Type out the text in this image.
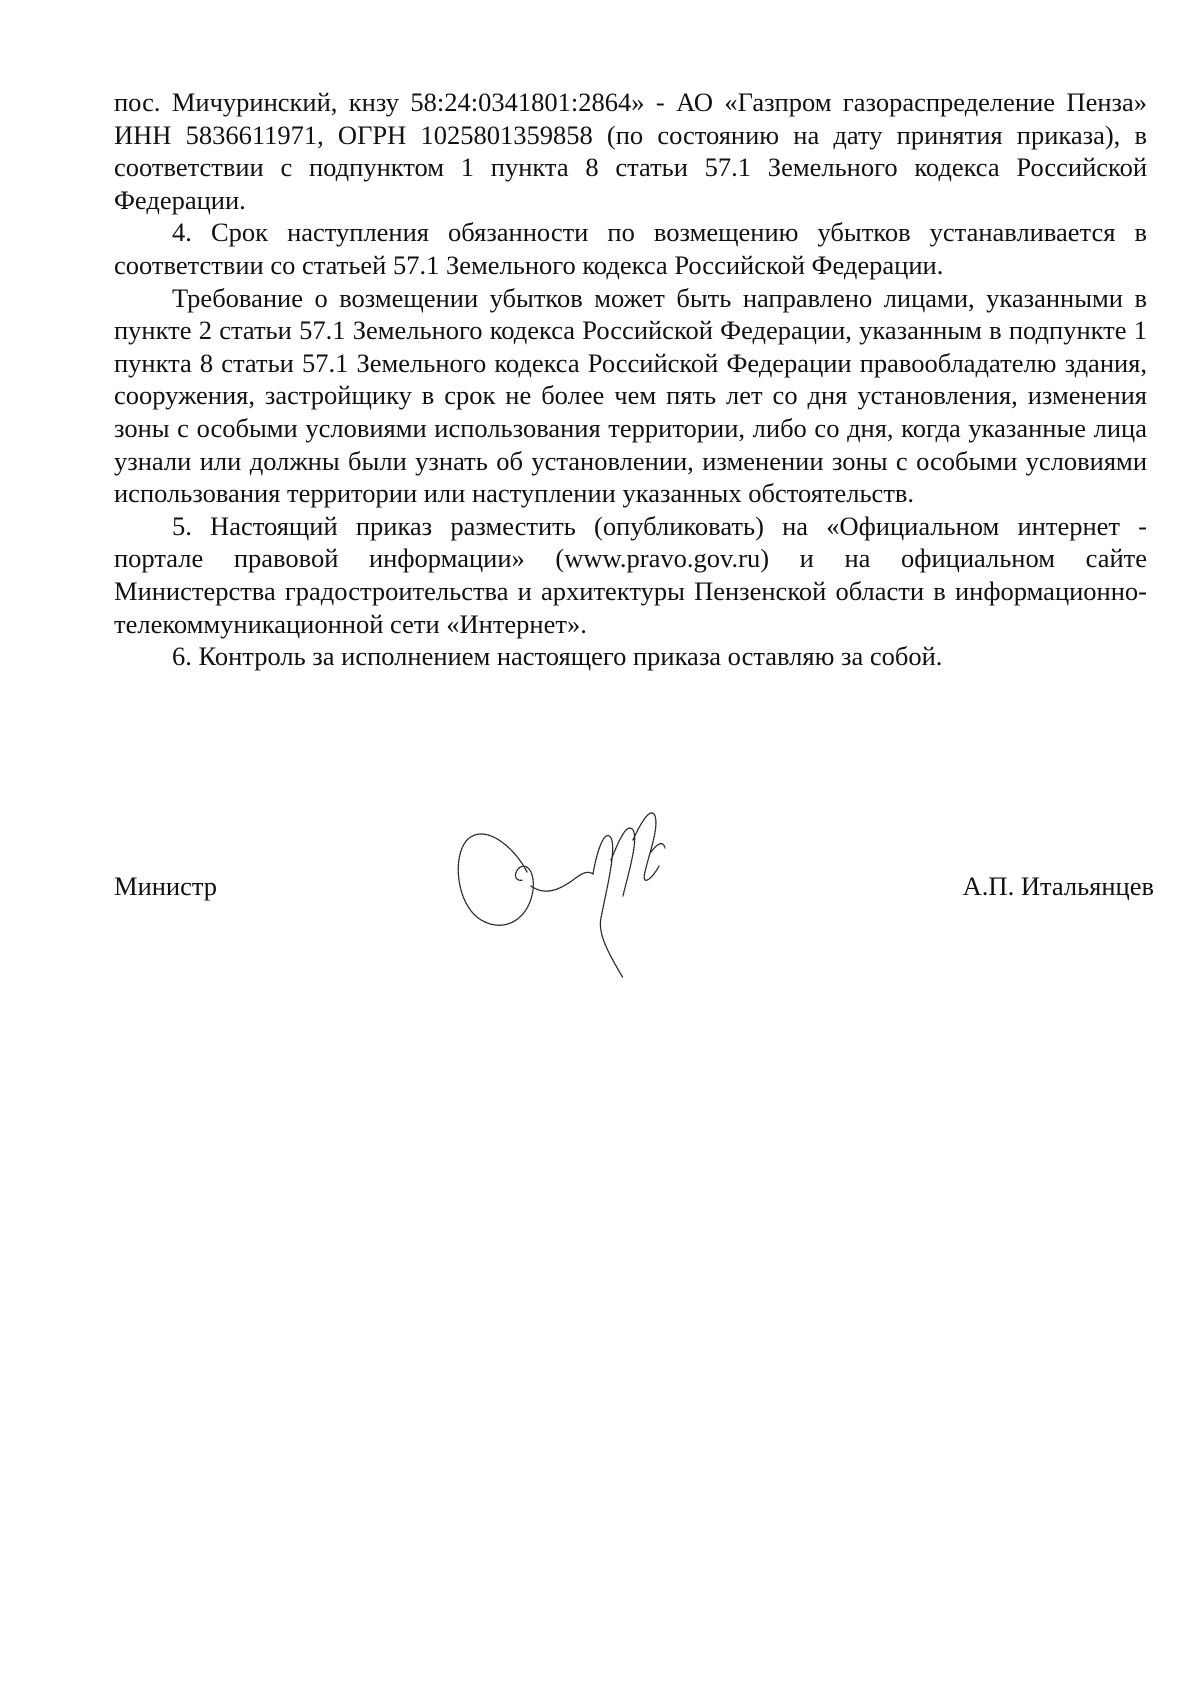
пос. Мичуринский, кнзу 58:24:0341801:2864» - АО «Газпром газораспределение Пенза» ИНН 5836611971, ОГРН 1025801359858 (по состоянию на дату принятия приказа), в соответствии с подпунктом 1 пункта 8 статьи 57.1 Земельного кодекса Российской Федерации.

4. Срок наступления обязанности по возмещению убытков устанавливается в соответствии со статьей 57.1 Земельного кодекса Российской Федерации.

Требование о возмещении убытков может быть направлено лицами, указанными в пункте 2 статьи 57.1 Земельного кодекса Российской Федерации, указанным в подпункте 1 пункта 8 статьи 57.1 Земельного кодекса Российской Федерации правообладателю здания, сооружения, застройщику в срок не более чем пять лет со дня установления, изменения зоны с особыми условиями использования территории, либо со дня, когда указанные лица узнали или должны были узнать об установлении, изменении зоны с особыми условиями использования территории или наступлении указанных обстоятельств.

5. Настоящий приказ разместить (опубликовать) на «Официальном интернет - портале правовой информации» (www.pravo.gov.ru) и на официальном сайте Министерства градостроительства и архитектуры Пензенской области в информационно-телекоммуникационной сети «Интернет».

6. Контроль за исполнением настоящего приказа оставляю за собой.

Министр	А.П. Итальянцев
